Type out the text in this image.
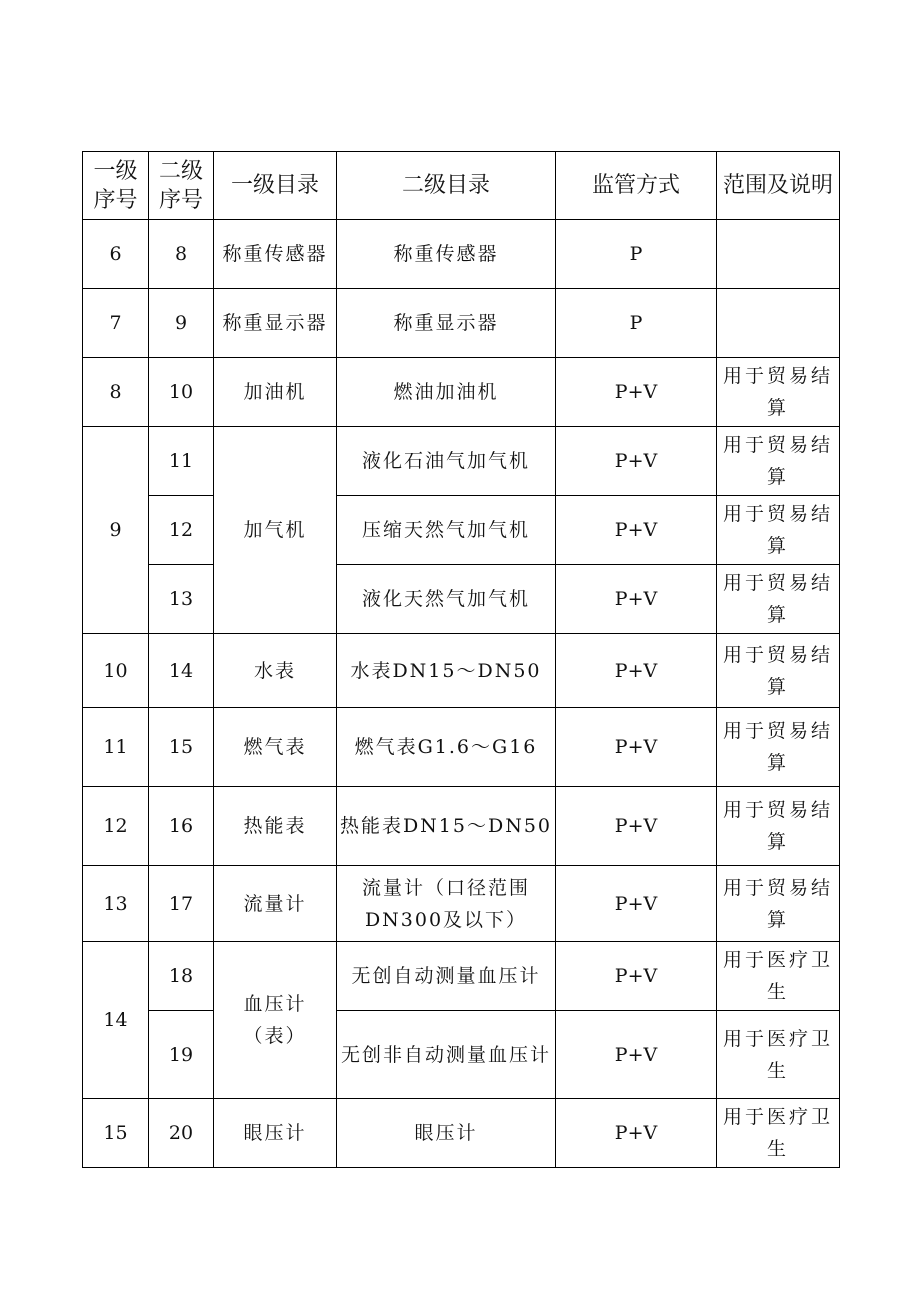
一级序号	二级序号	一级目录	二级目录	监管方式	范围及说明
6	8	称重传感器	称重传感器	P	
7	9	称重显示器	称重显示器	P	
8	10	加油机	燃油加油机	P+V	用于贸易结算
9	11	加气机	液化石油气加气机	P+V	用于贸易结算
	12		压缩天然气加气机	P+V	用于贸易结算
	13		液化天然气加气机	P+V	用于贸易结算
10	14	水表	水表DN15～DN50	P+V	用于贸易结算
11	15	燃气表	燃气表G1.6～G16	P+V	用于贸易结算
12	16	热能表	热能表DN15～DN50	P+V	用于贸易结算
13	17	流量计	流量计（口径范围DN300及以下）	P+V	用于贸易结算
14	18	血压计（表）	无创自动测量血压计	P+V	用于医疗卫生
	19		无创非自动测量血压计	P+V	用于医疗卫生
15	20	眼压计	眼压计	P+V	用于医疗卫生
